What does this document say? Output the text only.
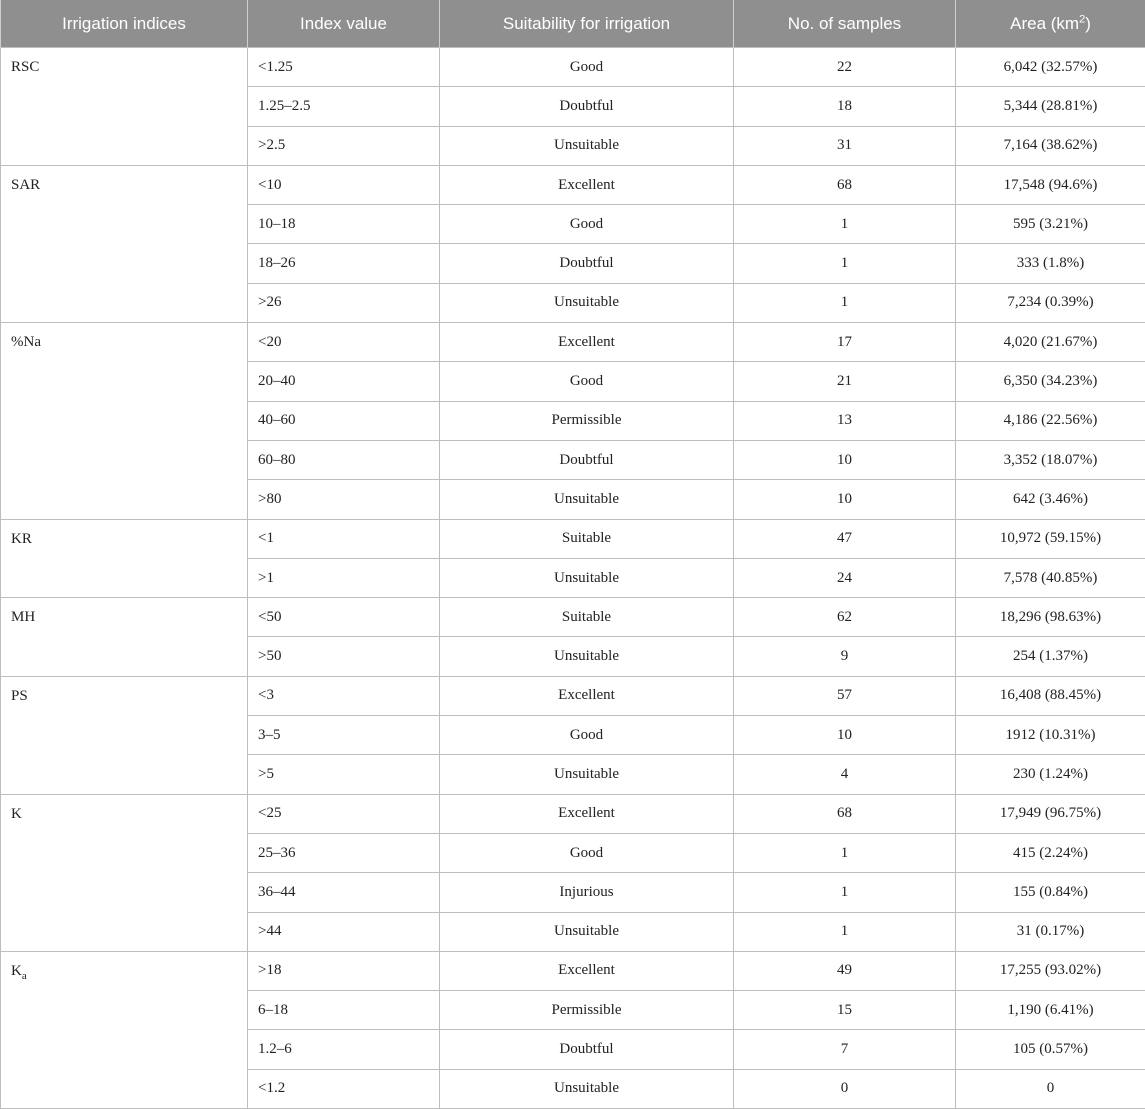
Irrigation indices	Index value	Suitability for irrigation	No. of samples	Area $(km^2)$
RSC	<1.25	Good	22	6,042 (32.57%)
	1.25–2.5	Doubtful	18	5,344 (28.81%)
	>2.5	Unsuitable	31	7,164 (38.62%)
SAR	<10	Excellent	68	17,548 (94.6%)
	10–18	Good	1	595 (3.21%)
	18–26	Doubtful	1	333 (1.8%)
	>26	Unsuitable	1	7,234 (0.39%)
%Na	<20	Excellent	17	4,020 (21.67%)
	20–40	Good	21	6,350 (34.23%)
	40–60	Permissible	13	4,186 (22.56%)
	60–80	Doubtful	10	3,352 (18.07%)
	>80	Unsuitable	10	642 (3.46%)
KR	<1	Suitable	47	10,972 (59.15%)
	>1	Unsuitable	24	7,578 (40.85%)
MH	<50	Suitable	62	18,296 (98.63%)
	>50	Unsuitable	9	254 (1.37%)
PS	<3	Excellent	57	16,408 (88.45%)
	3–5	Good	10	1912 (10.31%)
	>5	Unsuitable	4	230 (1.24%)
K	<25	Excellent	68	17,949 (96.75%)
	25–36	Good	1	415 (2.24%)
	36–44	Injurious	1	155 (0.84%)
	>44	Unsuitable	1	31 (0.17%)
$K_a$	>18	Excellent	49	17,255 (93.02%)
	6–18	Permissible	15	1,190 (6.41%)
	1.2–6	Doubtful	7	105 (0.57%)
	<1.2	Unsuitable	0	0
